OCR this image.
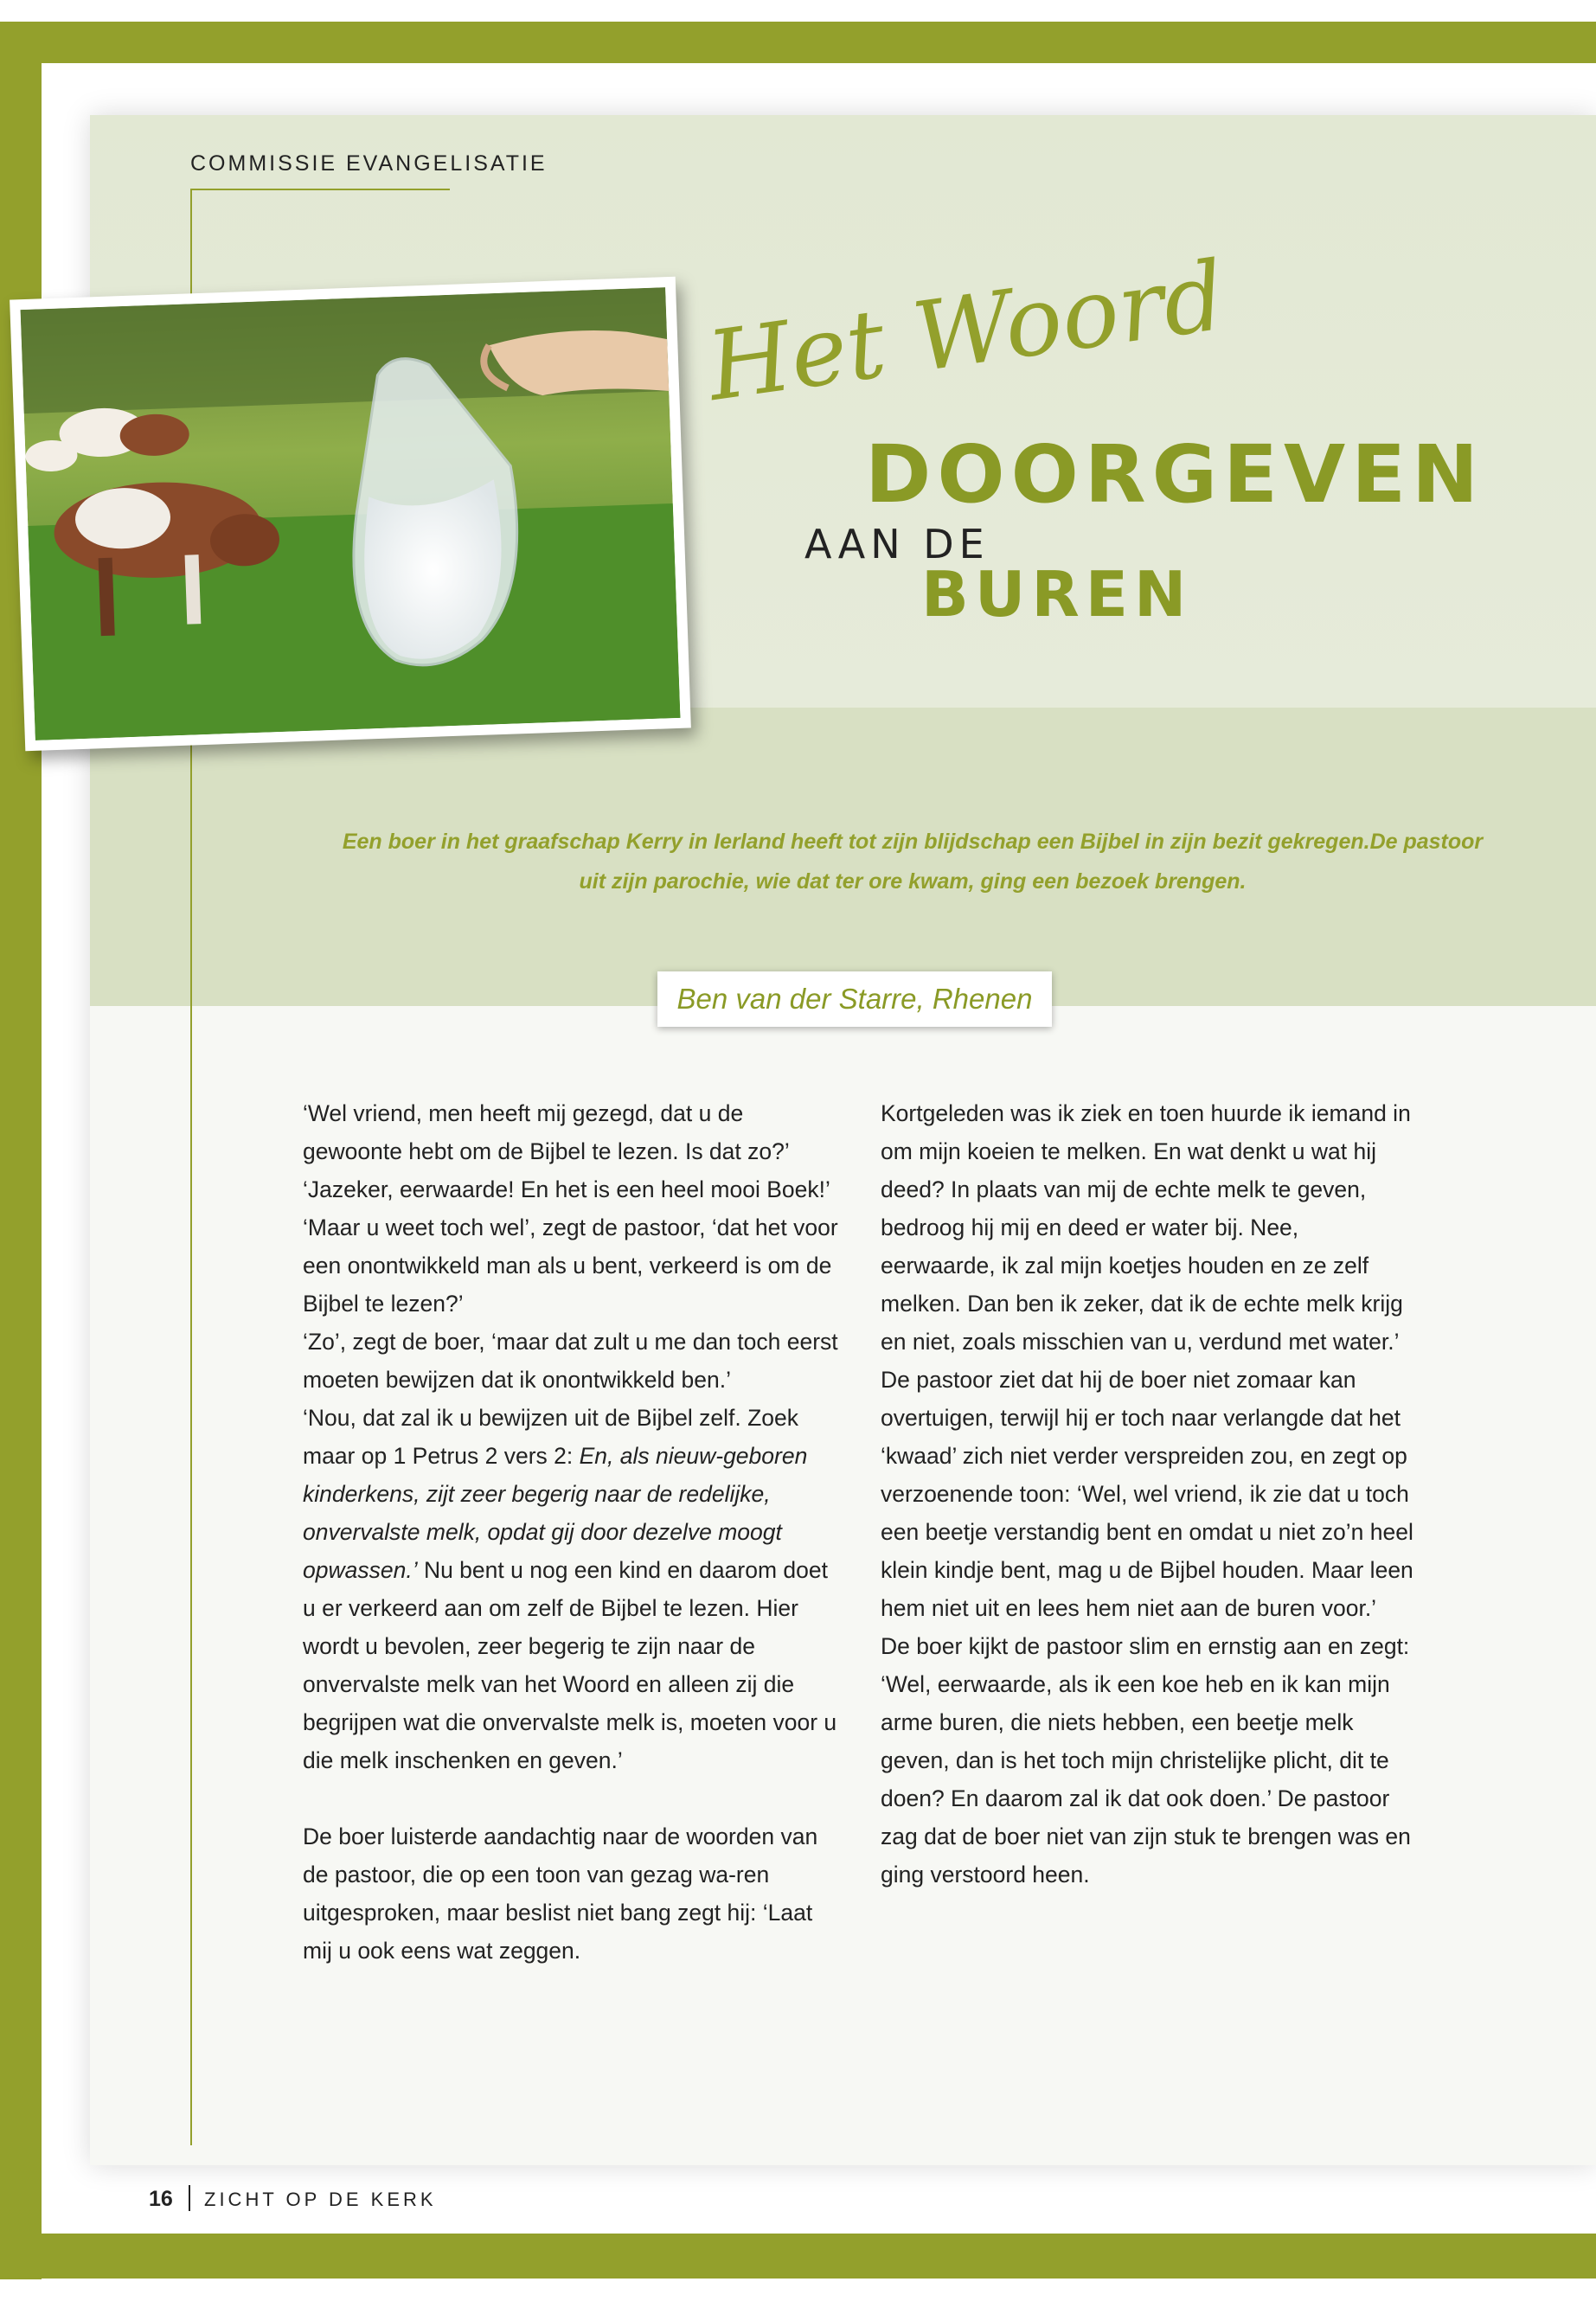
COMMISSIE EVANGELISATIE
Het Woord
DOORGEVEN
AAN DE
BUREN
Een boer in het graafschap Kerry in Ierland heeft tot zijn blijdschap een Bijbel in zijn bezit gekregen.De pastoor uit zijn parochie, wie dat ter ore kwam, ging een bezoek brengen.
Ben van der Starre, Rhenen

‘Wel vriend, men heeft mij gezegd, dat u de gewoonte hebt om de Bijbel te lezen. Is dat zo?’ ‘Jazeker, eerwaarde! En het is een heel mooi Boek!’ ‘Maar u weet toch wel’, zegt de pastoor, ‘dat het voor een onontwikkeld man als u bent, verkeerd is om de Bijbel te lezen?’

‘Zo’, zegt de boer, ‘maar dat zult u me dan toch eerst moeten bewijzen dat ik onontwikkeld ben.’

‘Nou, dat zal ik u bewijzen uit de Bijbel zelf. Zoek maar op 1 Petrus 2 vers 2: En, als nieuw-geboren kinderkens, zijt zeer begerig naar de redelijke, onvervalste melk, opdat gij door dezelve moogt opwassen.’ Nu bent u nog een kind en daarom doet u er verkeerd aan om zelf de Bijbel te lezen. Hier wordt u bevolen, zeer begerig te zijn naar de onvervalste melk van het Woord en alleen zij die begrijpen wat die onvervalste melk is, moeten voor u die melk inschenken en geven.’

De boer luisterde aandachtig naar de woorden van de pastoor, die op een toon van gezag wa-ren uitgesproken, maar beslist niet bang zegt hij: ‘Laat mij u ook eens wat zeggen.

Kortgeleden was ik ziek en toen huurde ik iemand in om mijn koeien te melken. En wat denkt u wat hij deed? In plaats van mij de echte melk te geven, bedroog hij mij en deed er water bij. Nee, eerwaarde, ik zal mijn koetjes houden en ze zelf melken. Dan ben ik zeker, dat ik de echte melk krijg en niet, zoals misschien van u, verdund met water.’ De pastoor ziet dat hij de boer niet zomaar kan overtuigen, terwijl hij er toch naar verlangde dat het ‘kwaad’ zich niet verder verspreiden zou, en zegt op verzoenende toon: ‘Wel, wel vriend, ik zie dat u toch een beetje verstandig bent en omdat u niet zo’n heel klein kindje bent, mag u de Bijbel houden. Maar leen hem niet uit en lees hem niet aan de buren voor.’

De boer kijkt de pastoor slim en ernstig aan en zegt: ‘Wel, eerwaarde, als ik een koe heb en ik kan mijn arme buren, die niets hebben, een beetje melk geven, dan is het toch mijn christelijke plicht, dit te doen? En daarom zal ik dat ook doen.’ De pastoor zag dat de boer niet van zijn stuk te brengen was en ging verstoord heen.

16 ZICHT OP DE KERK
